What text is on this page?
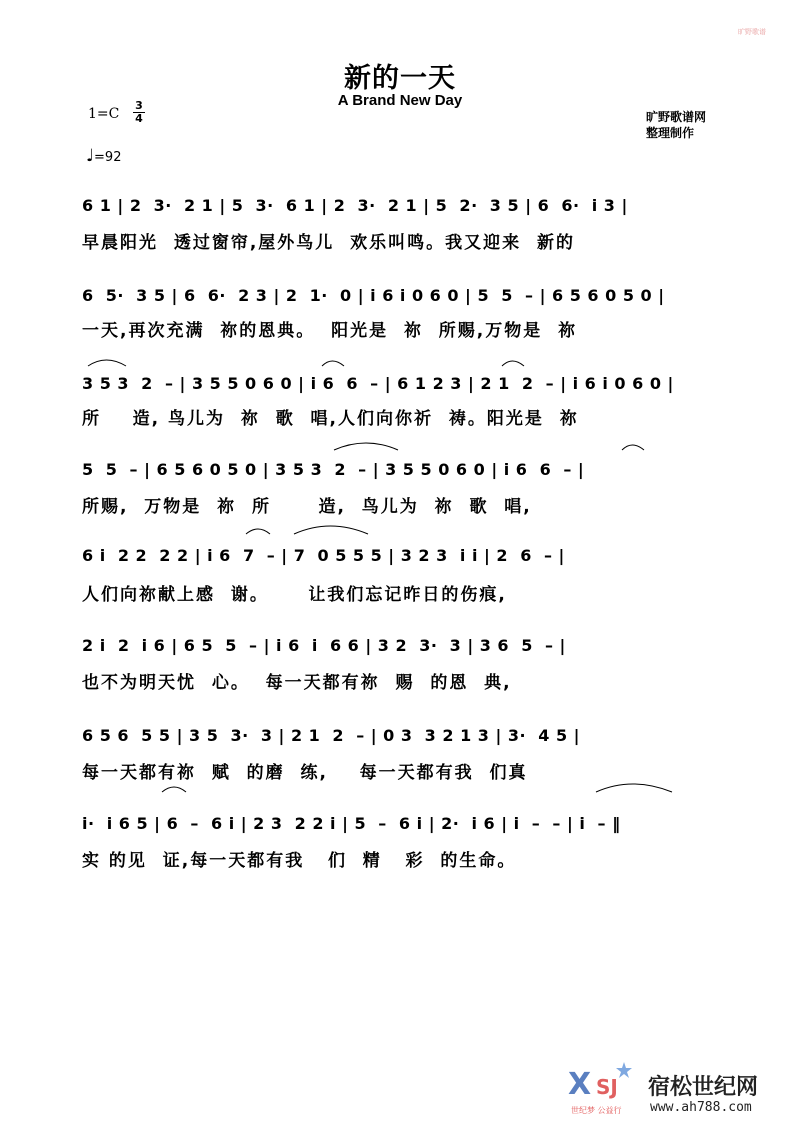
旷野歌谱
新的一天
A Brand New Day
1=C
3
4
♩=92
旷野歌谱网
整理制作
6 1 | 2  3·  2 1 | 5  3·  6 1 | 2  3·  2 1 | 5  2·  3 5 | 6  6·  i 3 |
早晨阳光  透过窗帘,屋外鸟儿  欢乐叫鸣。我又迎来  新的
6  5·  3 5 | 6  6·  2 3 | 2  1·  0 | i 6 i 0 6 0 | 5  5  – | 6 5 6 0 5 0 |
一天,再次充满  祢的恩典。  阳光是  祢  所赐,万物是  祢
3 5 3  2  – | 3 5 5 0 6 0 | i 6  6  – | 6 1 2 3 | 2 1  2  – | i 6 i 0 6 0 |
所    造, 鸟儿为  祢  歌  唱,人们向你祈  祷。阳光是  祢
5  5  – | 6 5 6 0 5 0 | 3 5 3  2  – | 3 5 5 0 6 0 | i 6  6  – |
所赐,  万物是  祢  所      造,  鸟儿为  祢  歌  唱,
6 i  2 2  2 2 | i 6  7  – | 7  0 5 5 5 | 3 2 3  i i | 2  6  – |
人们向祢献上感  谢。     让我们忘记昨日的伤痕,
2 i  2  i 6 | 6 5  5  – | i 6  i  6 6 | 3 2  3·  3 | 3 6  5  – |
也不为明天忧  心。  每一天都有祢  赐  的恩  典,
6 5 6  5 5 | 3 5  3·  3 | 2 1  2  – | 0 3  3 2 1 3 | 3·  4 5 |
每一天都有祢  赋  的磨  练,    每一天都有我  们真
i·  i 6 5 | 6  –  6 i | 2 3  2 2 i | 5  –  6 i | 2·  i 6 | i  –  – | i  – ‖
实 的见  证,每一天都有我   们  精   彩  的生命。
X SJ
世纪梦 公益行
宿松世纪网
www.ah788.com
